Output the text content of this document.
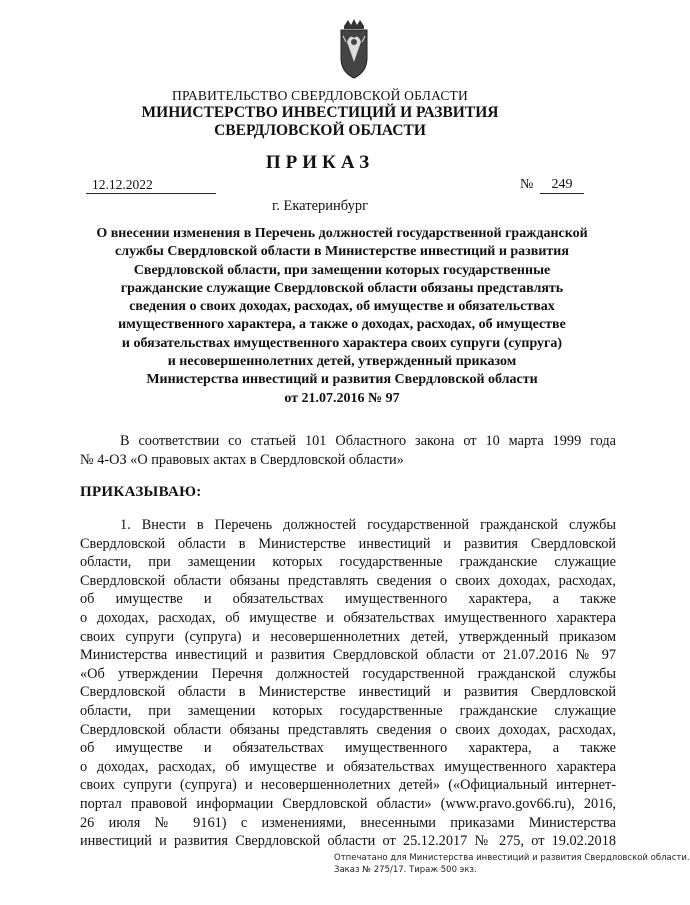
ПРАВИТЕЛЬСТВО СВЕРДЛОВСКОЙ ОБЛАСТИ
МИНИСТЕРСТВО ИНВЕСТИЦИЙ И РАЗВИТИЯ
СВЕРДЛОВСКОЙ ОБЛАСТИ
ПРИКАЗ
12.12.2022	№	249
г. Екатеринбург
О внесении изменения в Перечень должностей государственной гражданской
службы Свердловской области в Министерстве инвестиций и развития
Свердловской области, при замещении которых государственные
гражданские служащие Свердловской области обязаны представлять
сведения о своих доходах, расходах, об имуществе и обязательствах
имущественного характера, а также о доходах, расходах, об имуществе
и обязательствах имущественного характера своих супруги (супруга)
и несовершеннолетних детей, утвержденный приказом
Министерства инвестиций и развития Свердловской области
от 21.07.2016 № 97
В соответствии со статьей 101 Областного закона от 10 марта 1999 года
№ 4-ОЗ «О правовых актах в Свердловской области»
ПРИКАЗЫВАЮ:
1. Внести в Перечень должностей государственной гражданской службы
Свердловской области в Министерстве инвестиций и развития Свердловской
области, при замещении которых государственные гражданские служащие
Свердловской области обязаны представлять сведения о своих доходах, расходах,
об имуществе и обязательствах имущественного характера, а также
о доходах, расходах, об имуществе и обязательствах имущественного характера
своих супруги (супруга) и несовершеннолетних детей, утвержденный приказом
Министерства инвестиций и развития Свердловской области от 21.07.2016 № 97
«Об утверждении Перечня должностей государственной гражданской службы
Свердловской области в Министерстве инвестиций и развития Свердловской
области, при замещении которых государственные гражданские служащие
Свердловской области обязаны представлять сведения о своих доходах, расходах,
об имуществе и обязательствах имущественного характера, а также
о доходах, расходах, об имуществе и обязательствах имущественного характера
своих супруги (супруга) и несовершеннолетних детей» («Официальный интернет-
портал правовой информации Свердловской области» (www.pravo.gov66.ru), 2016,
26 июля № 9161) с изменениями, внесенными приказами Министерства
инвестиций и развития Свердловской области от 25.12.2017 № 275, от 19.02.2018
Отпечатано для Министерства инвестиций и развития Свердловской области.
Заказ № 275/17. Тираж 500 экз.
